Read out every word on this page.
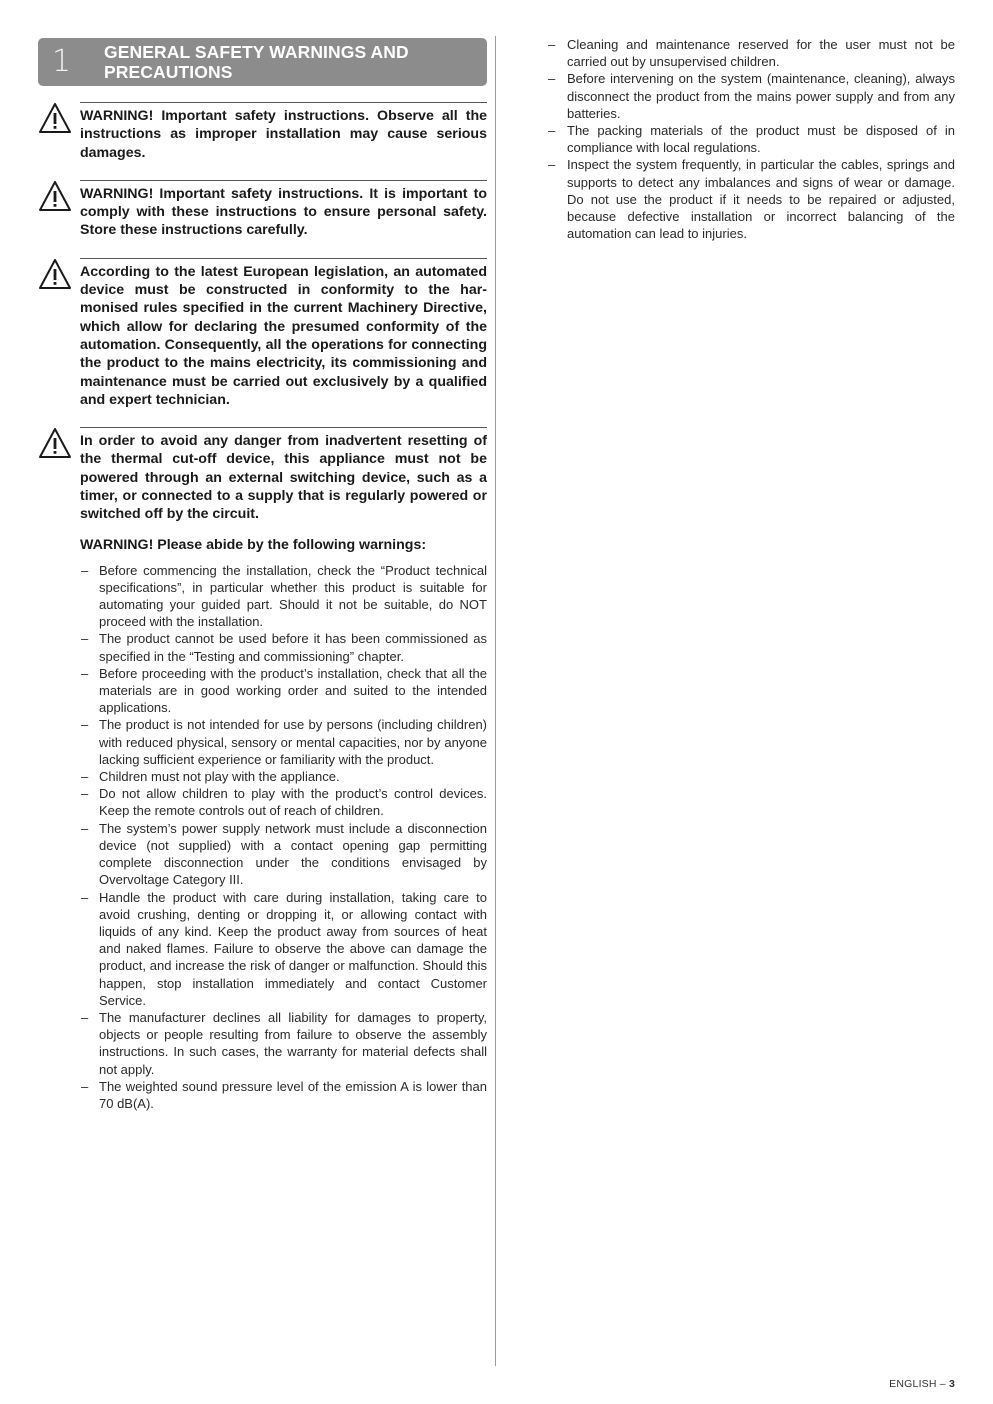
1 GENERAL SAFETY WARNINGS AND PRECAUTIONS

WARNING! Important safety instructions. Observe all the instructions as improper installation may cause serious damages.

WARNING! Important safety instructions. It is important to comply with these instructions to ensure personal safety. Store these instructions carefully.

According to the latest European legislation, an automated device must be constructed in conformity to the harmonised rules specified in the current Machinery Directive, which allow for declaring the presumed conformity of the automation. Consequently, all the operations for connecting the product to the mains electricity, its commissioning and maintenance must be carried out exclusively by a qualified and expert technician.

In order to avoid any danger from inadvertent resetting of the thermal cut-off device, this appliance must not be powered through an external switching device, such as a timer, or connected to a supply that is regularly powered or switched off by the circuit.

WARNING! Please abide by the following warnings:
– Before commencing the installation, check the “Product technical specifications”, in particular whether this product is suitable for automating your guided part. Should it not be suitable, do NOT proceed with the installation.
– The product cannot be used before it has been commissioned as specified in the “Testing and commissioning” chapter.
– Before proceeding with the product’s installation, check that all the materials are in good working order and suited to the intended applications.
– The product is not intended for use by persons (including children) with reduced physical, sensory or mental capacities, nor by anyone lacking sufficient experience or familiarity with the product.
– Children must not play with the appliance.
– Do not allow children to play with the product’s control devices. Keep the remote controls out of reach of children.
– The system’s power supply network must include a disconnection device (not supplied) with a contact opening gap permitting complete disconnection under the conditions envisaged by Overvoltage Category III.
– Handle the product with care during installation, taking care to avoid crushing, denting or dropping it, or allowing contact with liquids of any kind. Keep the product away from sources of heat and naked flames. Failure to observe the above can damage the product, and increase the risk of danger or malfunction. Should this happen, stop installation immediately and contact Customer Service.
– The manufacturer declines all liability for damages to property, objects or people resulting from failure to observe the assembly instructions. In such cases, the warranty for material defects shall not apply.
– The weighted sound pressure level of the emission A is lower than 70 dB(A).
– Cleaning and maintenance reserved for the user must not be carried out by unsupervised children.
– Before intervening on the system (maintenance, cleaning), always disconnect the product from the mains power supply and from any batteries.
– The packing materials of the product must be disposed of in compliance with local regulations.
– Inspect the system frequently, in particular the cables, springs and supports to detect any imbalances and signs of wear or damage. Do not use the product if it needs to be repaired or adjusted, because defective installation or incorrect balancing of the automation can lead to injuries.
ENGLISH – 3
